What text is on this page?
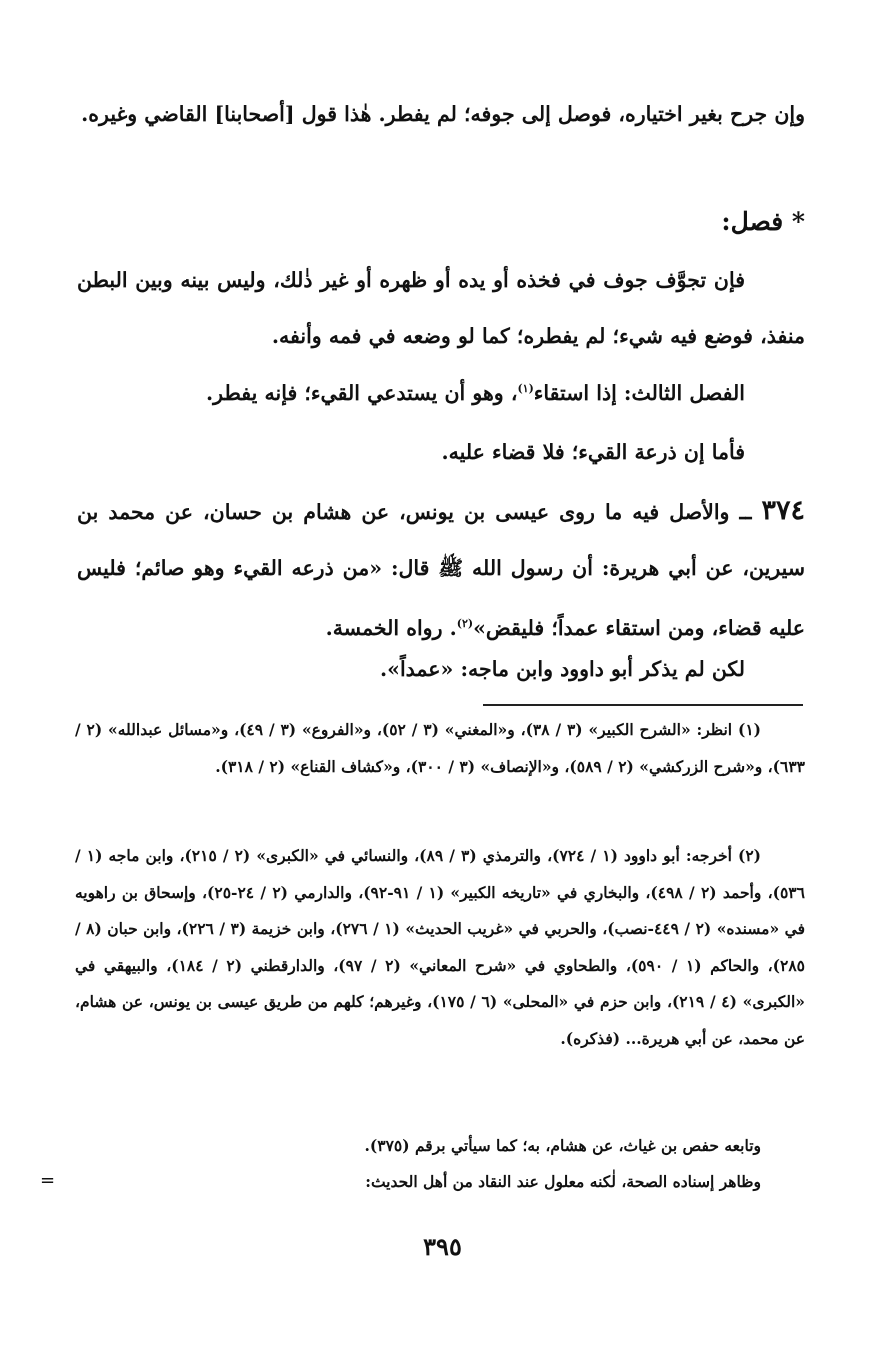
وإن جرح بغير اختياره، فوصل إلى جوفه؛ لم يفطر. هٰذا قول [أصحابنا] القاضي وغيره.

* فصل:

فإن تجوَّف جوف في فخذه أو يده أو ظهره أو غير ذٰلك، وليس بينه وبين البطن منفذ، فوضع فيه شيء؛ لم يفطره؛ كما لو وضعه في فمه وأنفه.

الفصل الثالث: إذا استقاء$^{(١)}$، وهو أن يستدعي القيء؛ فإنه يفطر.

فأما إن ذرعة القيء؛ فلا قضاء عليه.

٣٧٤ ــ والأصل فيه ما روى عيسى بن يونس، عن هشام بن حسان، عن محمد بن سيرين، عن أبي هريرة: أن رسول الله ﷺ قال: «من ذرعه القيء وهو صائم؛ فليس عليه قضاء، ومن استقاء عمداً؛ فليقض»$^{(٢)}$. رواه الخمسة.

لكن لم يذكر أبو داوود وابن ماجه: «عمداً».

(١) انظر: «الشرح الكبير» (٣ / ٣٨)، و«المغني» (٣ / ٥٢)، و«الفروع» (٣ / ٤٩)، و«مسائل عبدالله» (٢ / ٦٣٣)، و«شرح الزركشي» (٢ / ٥٨٩)، و«الإنصاف» (٣ / ٣٠٠)، و«كشاف القناع» (٢ / ٣١٨).

(٢) أخرجه: أبو داوود (١ / ٧٢٤)، والترمذي (٣ / ٨٩)، والنسائي في «الكبرى» (٢ / ٢١٥)، وابن ماجه (١ / ٥٣٦)، وأحمد (٢ / ٤٩٨)، والبخاري في «تاريخه الكبير» (١ / ٩١-٩٢)، والدارمي (٢ / ٢٤-٢٥)، وإسحاق بن راهويه في «مسنده» (٢ / ٤٤٩-نصب)، والحربي في «غريب الحديث» (١ / ٢٧٦)، وابن خزيمة (٣ / ٢٢٦)، وابن حبان (٨ / ٢٨٥)، والحاكم (١ / ٥٩٠)، والطحاوي في «شرح المعاني» (٢ / ٩٧)، والدارقطني (٢ / ١٨٤)، والبيهقي في «الكبرى» (٤ / ٢١٩)، وابن حزم في «المحلى» (٦ / ١٧٥)، وغيرهم؛ كلهم من طريق عيسى بن يونس، عن هشام، عن محمد، عن أبي هريرة... (فذكره).

وتابعه حفص بن غياث، عن هشام، به؛ كما سيأتي برقم (٣٧٥).

وظاهر إسناده الصحة، لٰكنه معلول عند النقاد من أهل الحديث:

=
٣٩٥
